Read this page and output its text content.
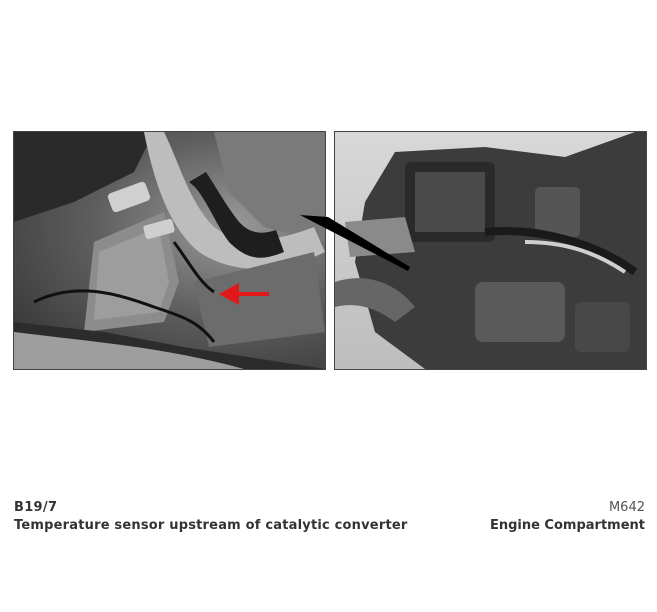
B19/7
Temperature sensor upstream of catalytic converter
M642
Engine Compartment
